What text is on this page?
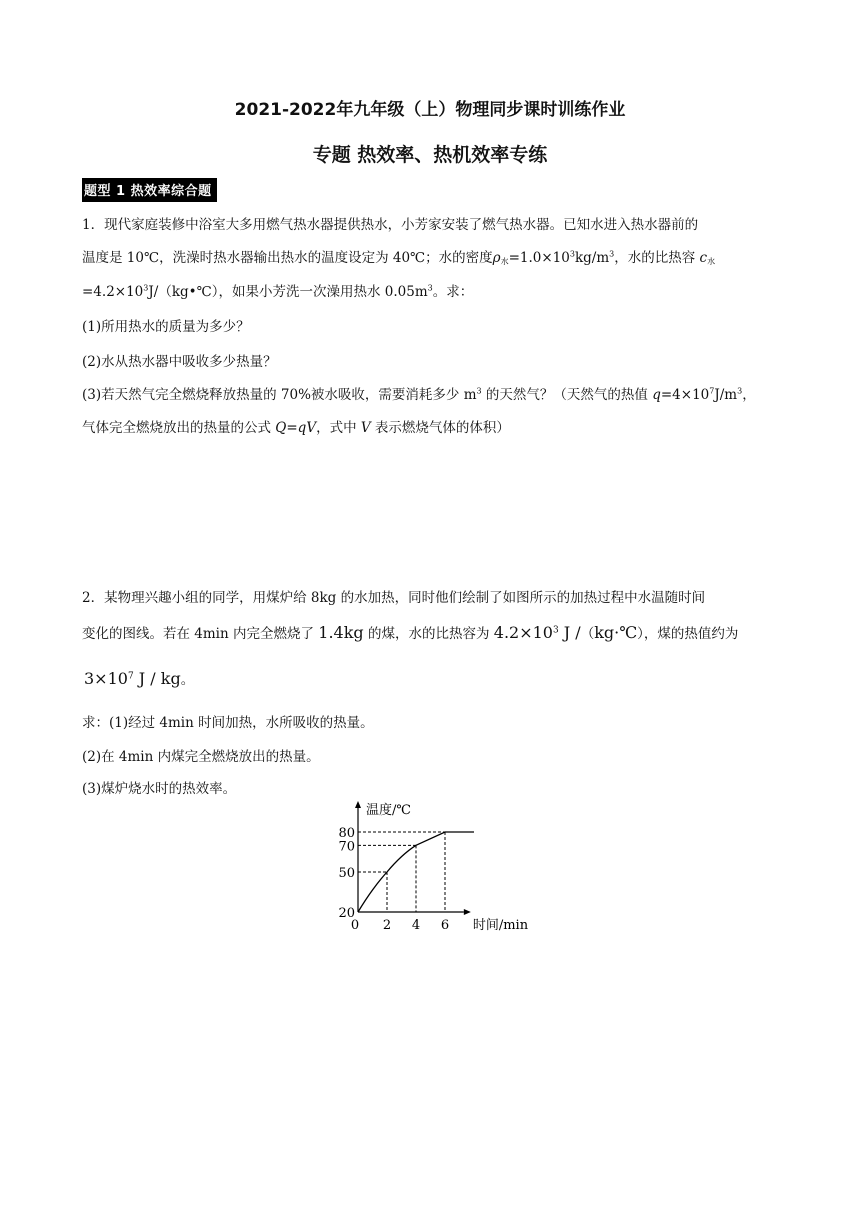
2021-2022年九年级（上）物理同步课时训练作业
专题 热效率、热机效率专练
题型 1 热效率综合题
1．现代家庭装修中浴室大多用燃气热水器提供热水，小芳家安装了燃气热水器。已知水进入热水器前的
温度是 10℃，洗澡时热水器输出热水的温度设定为 40℃；水的密度$\rho_水=1.0\times 10^3kg/m^3$，水的比热容 $c_水$
$=4.2\times 10^3J/(kg•℃)$，如果小芳洗一次澡用热水 $0.05m^3$。求：
(1)所用热水的质量为多少？
(2)水从热水器中吸收多少热量？
(3)若天然气完全燃烧释放热量的 70%被水吸收，需要消耗多少 $m^3$ 的天然气？（天然气的热值 $q=4\times 10^7J/m^3$，
气体完全燃烧放出的热量的公式 Q=qV，式中 V 表示燃烧气体的体积）
2．某物理兴趣小组的同学，用煤炉给 8kg 的水加热，同时他们绘制了如图所示的加热过程中水温随时间
变化的图线。若在 4min 内完全燃烧了 1.4kg 的煤，水的比热容为 $4.2\times 10^3$ J /（kg·℃），煤的热值约为
$3\times 10^7$ J / kg。
求：(1)经过 4min 时间加热，水所吸收的热量。
(2)在 4min 内煤完全燃烧放出的热量。
(3)煤炉烧水时的热效率。
0 2 4 6
20
50
70
80
温度/℃
时间/min
